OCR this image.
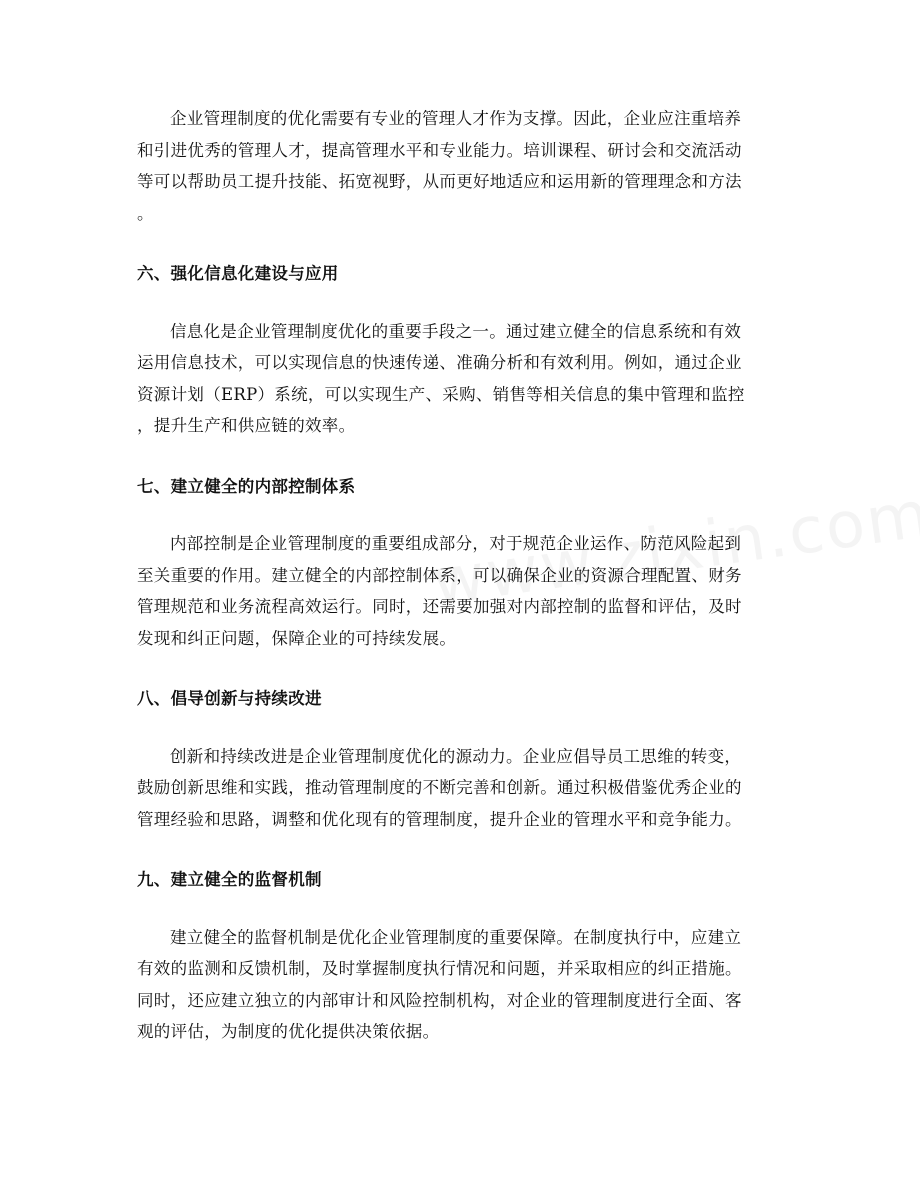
企业管理制度的优化需要有专业的管理人才作为支撑。因此，企业应注重培养
和引进优秀的管理人才，提高管理水平和专业能力。培训课程、研讨会和交流活动
等可以帮助员工提升技能、拓宽视野，从而更好地适应和运用新的管理理念和方法
。

六、强化信息化建设与应用

信息化是企业管理制度优化的重要手段之一。通过建立健全的信息系统和有效
运用信息技术，可以实现信息的快速传递、准确分析和有效利用。例如，通过企业
资源计划（ERP）系统，可以实现生产、采购、销售等相关信息的集中管理和监控
，提升生产和供应链的效率。

七、建立健全的内部控制体系

内部控制是企业管理制度的重要组成部分，对于规范企业运作、防范风险起到
至关重要的作用。建立健全的内部控制体系，可以确保企业的资源合理配置、财务
管理规范和业务流程高效运行。同时，还需要加强对内部控制的监督和评估，及时
发现和纠正问题，保障企业的可持续发展。

八、倡导创新与持续改进

创新和持续改进是企业管理制度优化的源动力。企业应倡导员工思维的转变，
鼓励创新思维和实践，推动管理制度的不断完善和创新。通过积极借鉴优秀企业的
管理经验和思路，调整和优化现有的管理制度，提升企业的管理水平和竞争能力。

九、建立健全的监督机制

建立健全的监督机制是优化企业管理制度的重要保障。在制度执行中，应建立
有效的监测和反馈机制，及时掌握制度执行情况和问题，并采取相应的纠正措施。
同时，还应建立独立的内部审计和风险控制机构，对企业的管理制度进行全面、客
观的评估，为制度的优化提供决策依据。
